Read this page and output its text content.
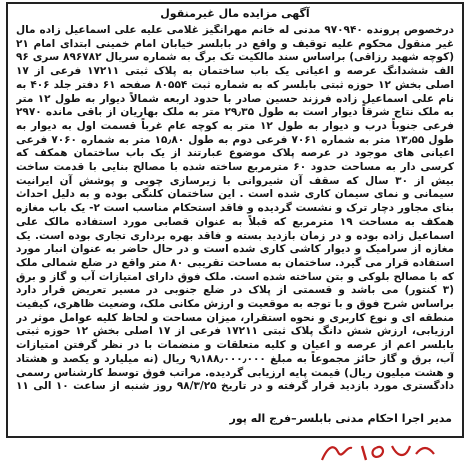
آگهی مزایده مال غیرمنقول
درخصوص پرونده ۹۷۰۹۴۰ مدنی له خانم مهرانگیز غلامی علیه علی اسماعیل زاده مال غیر منقول محکوم علیه توقیف و واقع در بابلسر خیابان امام خمینی ابتدای امام ۲۱ (کوچه شهید رزاقی) براساس سند مالکیت تک برگ به شماره سریال ۸۹۶۷۸۲ سری ۹۶ الف ششدانگ عرصه و اعیانی یک باب ساختمان به پلاک ثبتی ۱۷۲۱۱ فرعی از ۱۷ اصلی بخش ۱۲ حوزه ثبتی بابلسر که به شماره ثبت ۸۰۵۵۴ صفحه ۶۱ دفتر جلد ۴۰۶ به نام علی اسماعیل زاده فرزند حسین صادر با حدود اربعه شمالاً دیوار به طول ۱۲ متر به ملک نتاج شرقاً دیوار است به طول ۲۹٫۳۵ متر به ملک بهاریان از باقی مانده ۲۹۷۰ فرعی جنوباً درب و دیوار به طول ۱۲ متر به کوچه عام غرباً قسمت اول به دیوار به طول ۱۳٫۵۵ متر به شماره ۷۰۶۱ فرعی دوم به طول ۱۵٫۸۰ متر به شماره ۷۰۶۰ فرعی اعیانی های موجود در عرصه پلاک موضوع عبارتند از یک باب ساختمان همکف که کرسی دار به مساحت حدود ۶۰ مترمربع ساخته شده با مصالح بنایی با قدمت ساخت بیش از ۳۰ سال که سقف آن شیروانی با زیرسازی چوبی و پوشش آن ایرانیت سیمانی و نمای سیمان کاری شده است . این ساختمان کلنگی بوده و به دلیل احداث بنای مجاور دچار ترک و نشست گردیده و فاقد استحکام مناسب است ۲- یک باب مغازه همکف به مساحت ۱۹ مترمربع که قبلاً به عنوان قصابی مورد استفاده مالک علی اسماعیل زاده بوده و در زمان بازدید بسته و فاقد بهره برداری تجاری بوده است. یک مغازه از سرامیک و دیوار کاشی کاری شده است و در حال حاضر به عنوان انبار مورد استفاده قرار می گیرد. ساختمان به مساحت تقریبی ۸۰ متر واقع در ضلع شمالی ملک که با مصالح بلوکی و بتن ساخته شده است. ملک فوق دارای امتیازات آب و گاز و برق (۳ کنتور) می باشد و قسمتی از پلاک در ضلع جنوبی در مسیر تعریض قرار دارد براساس شرح فوق و با توجه به موقعیت و ارزش مکانی ملک، وضعیت ظاهری، کیفیت منطقه ای و نوع کاربری و نحوه استقرار، میزان مساحت و لحاظ کلیه عوامل موثر در ارزیابی، ارزش شش دانگ پلاک ثبتی ۱۷۲۱۱ فرعی از ۱۷ اصلی بخش ۱۲ حوزه ثبتی بابلسر اعم از عرصه و اعیان و کلیه متعلقات و منضمات با در نظر گرفتن امتیازات آب، برق و گاز حائز مجموعاً به مبلغ ۹٫۱۸۸٫۰۰۰٫۰۰۰ ریال (نه میلیارد و یکصد و هشتاد و هشت میلیون ریال) قیمت پایه ارزیابی گردیده. مراتب فوق توسط کارشناس رسمی دادگستری مورد بازدید قرار گرفته و در تاریخ ۹۸/۳/۲۵ روز شنبه از ساعت ۱۰ الی ۱۱
مدیر اجرا احکام مدنی بابلسر–فرج اله پور
